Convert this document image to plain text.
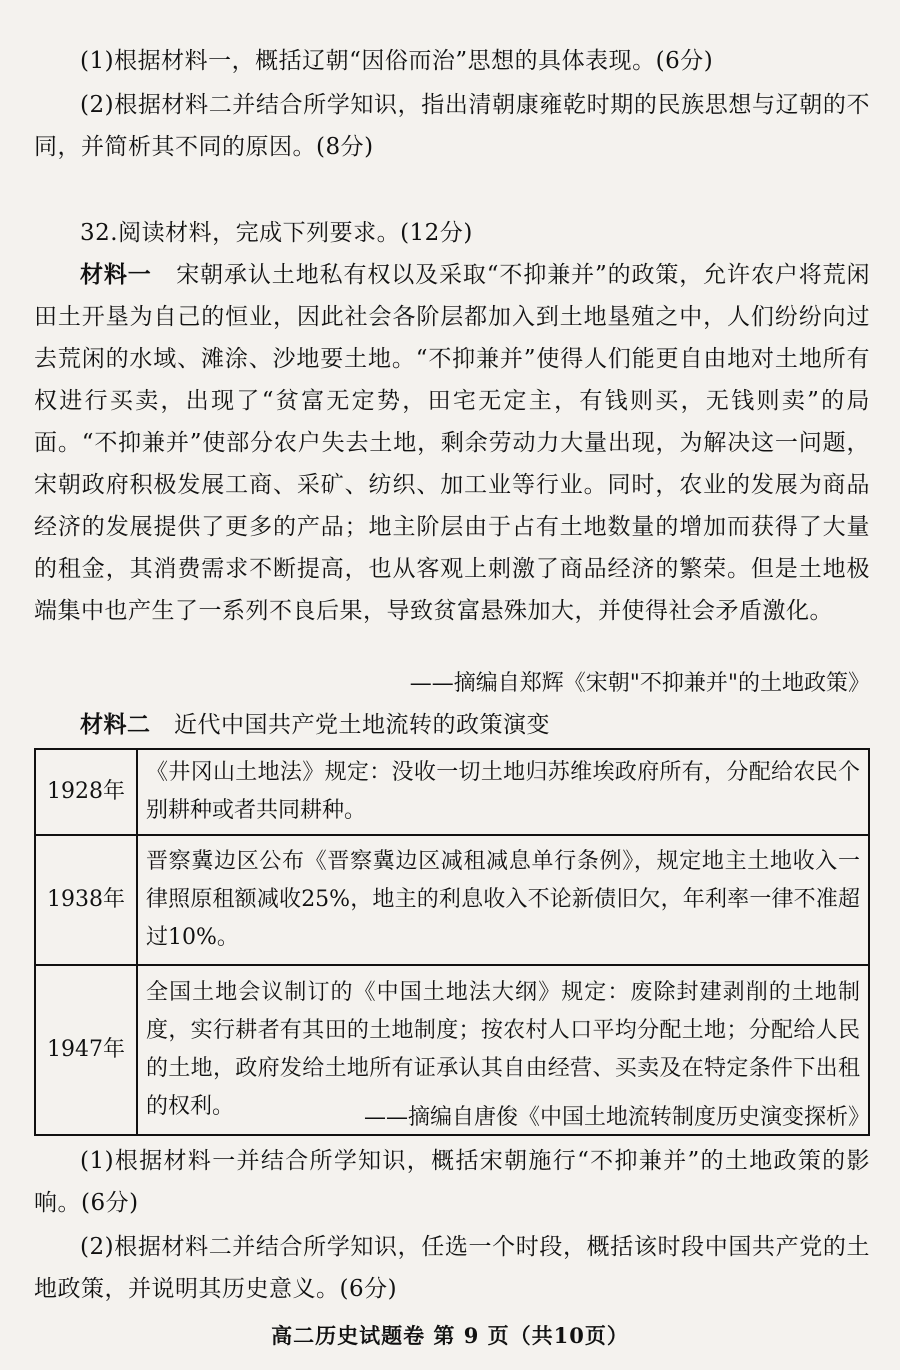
(1)根据材料一，概括辽朝“因俗而治”思想的具体表现。(6分)

(2)根据材料二并结合所学知识，指出清朝康雍乾时期的民族思想与辽朝的不同，并简析其不同的原因。(8分)

32.阅读材料，完成下列要求。(12分)

材料一 宋朝承认土地私有权以及采取“不抑兼并”的政策，允许农户将荒闲田土开垦为自己的恒业，因此社会各阶层都加入到土地垦殖之中，人们纷纷向过去荒闲的水域、滩涂、沙地要土地。“不抑兼并”使得人们能更自由地对土地所有权进行买卖，出现了“贫富无定势，田宅无定主，有钱则买，无钱则卖”的局面。“不抑兼并”使部分农户失去土地，剩余劳动力大量出现，为解决这一问题，宋朝政府积极发展工商、采矿、纺织、加工业等行业。同时，农业的发展为商品经济的发展提供了更多的产品；地主阶层由于占有土地数量的增加而获得了大量的租金，其消费需求不断提高，也从客观上刺激了商品经济的繁荣。但是土地极端集中也产生了一系列不良后果，导致贫富悬殊加大，并使得社会矛盾激化。

——摘编自郑辉《宋朝"不抑兼并"的土地政策》

材料二 近代中国共产党土地流转的政策演变

1928年	《井冈山土地法》规定：没收一切土地归苏维埃政府所有，分配给农民个别耕种或者共同耕种。
1938年	晋察冀边区公布《晋察冀边区减租减息单行条例》，规定地主土地收入一律照原租额减收25%，地主的利息收入不论新债旧欠，年利率一律不准超过10%。
1947年	全国土地会议制订的《中国土地法大纲》规定：废除封建剥削的土地制度，实行耕者有其田的土地制度；按农村人口平均分配土地；分配给人民的土地，政府发给土地所有证承认其自由经营、买卖及在特定条件下出租的权利。	——摘编自唐俊《中国土地流转制度历史演变探析》

(1)根据材料一并结合所学知识，概括宋朝施行“不抑兼并”的土地政策的影响。(6分)

(2)根据材料二并结合所学知识，任选一个时段，概括该时段中国共产党的土地政策，并说明其历史意义。(6分)

高二历史试题卷 第 9 页（共10页）
